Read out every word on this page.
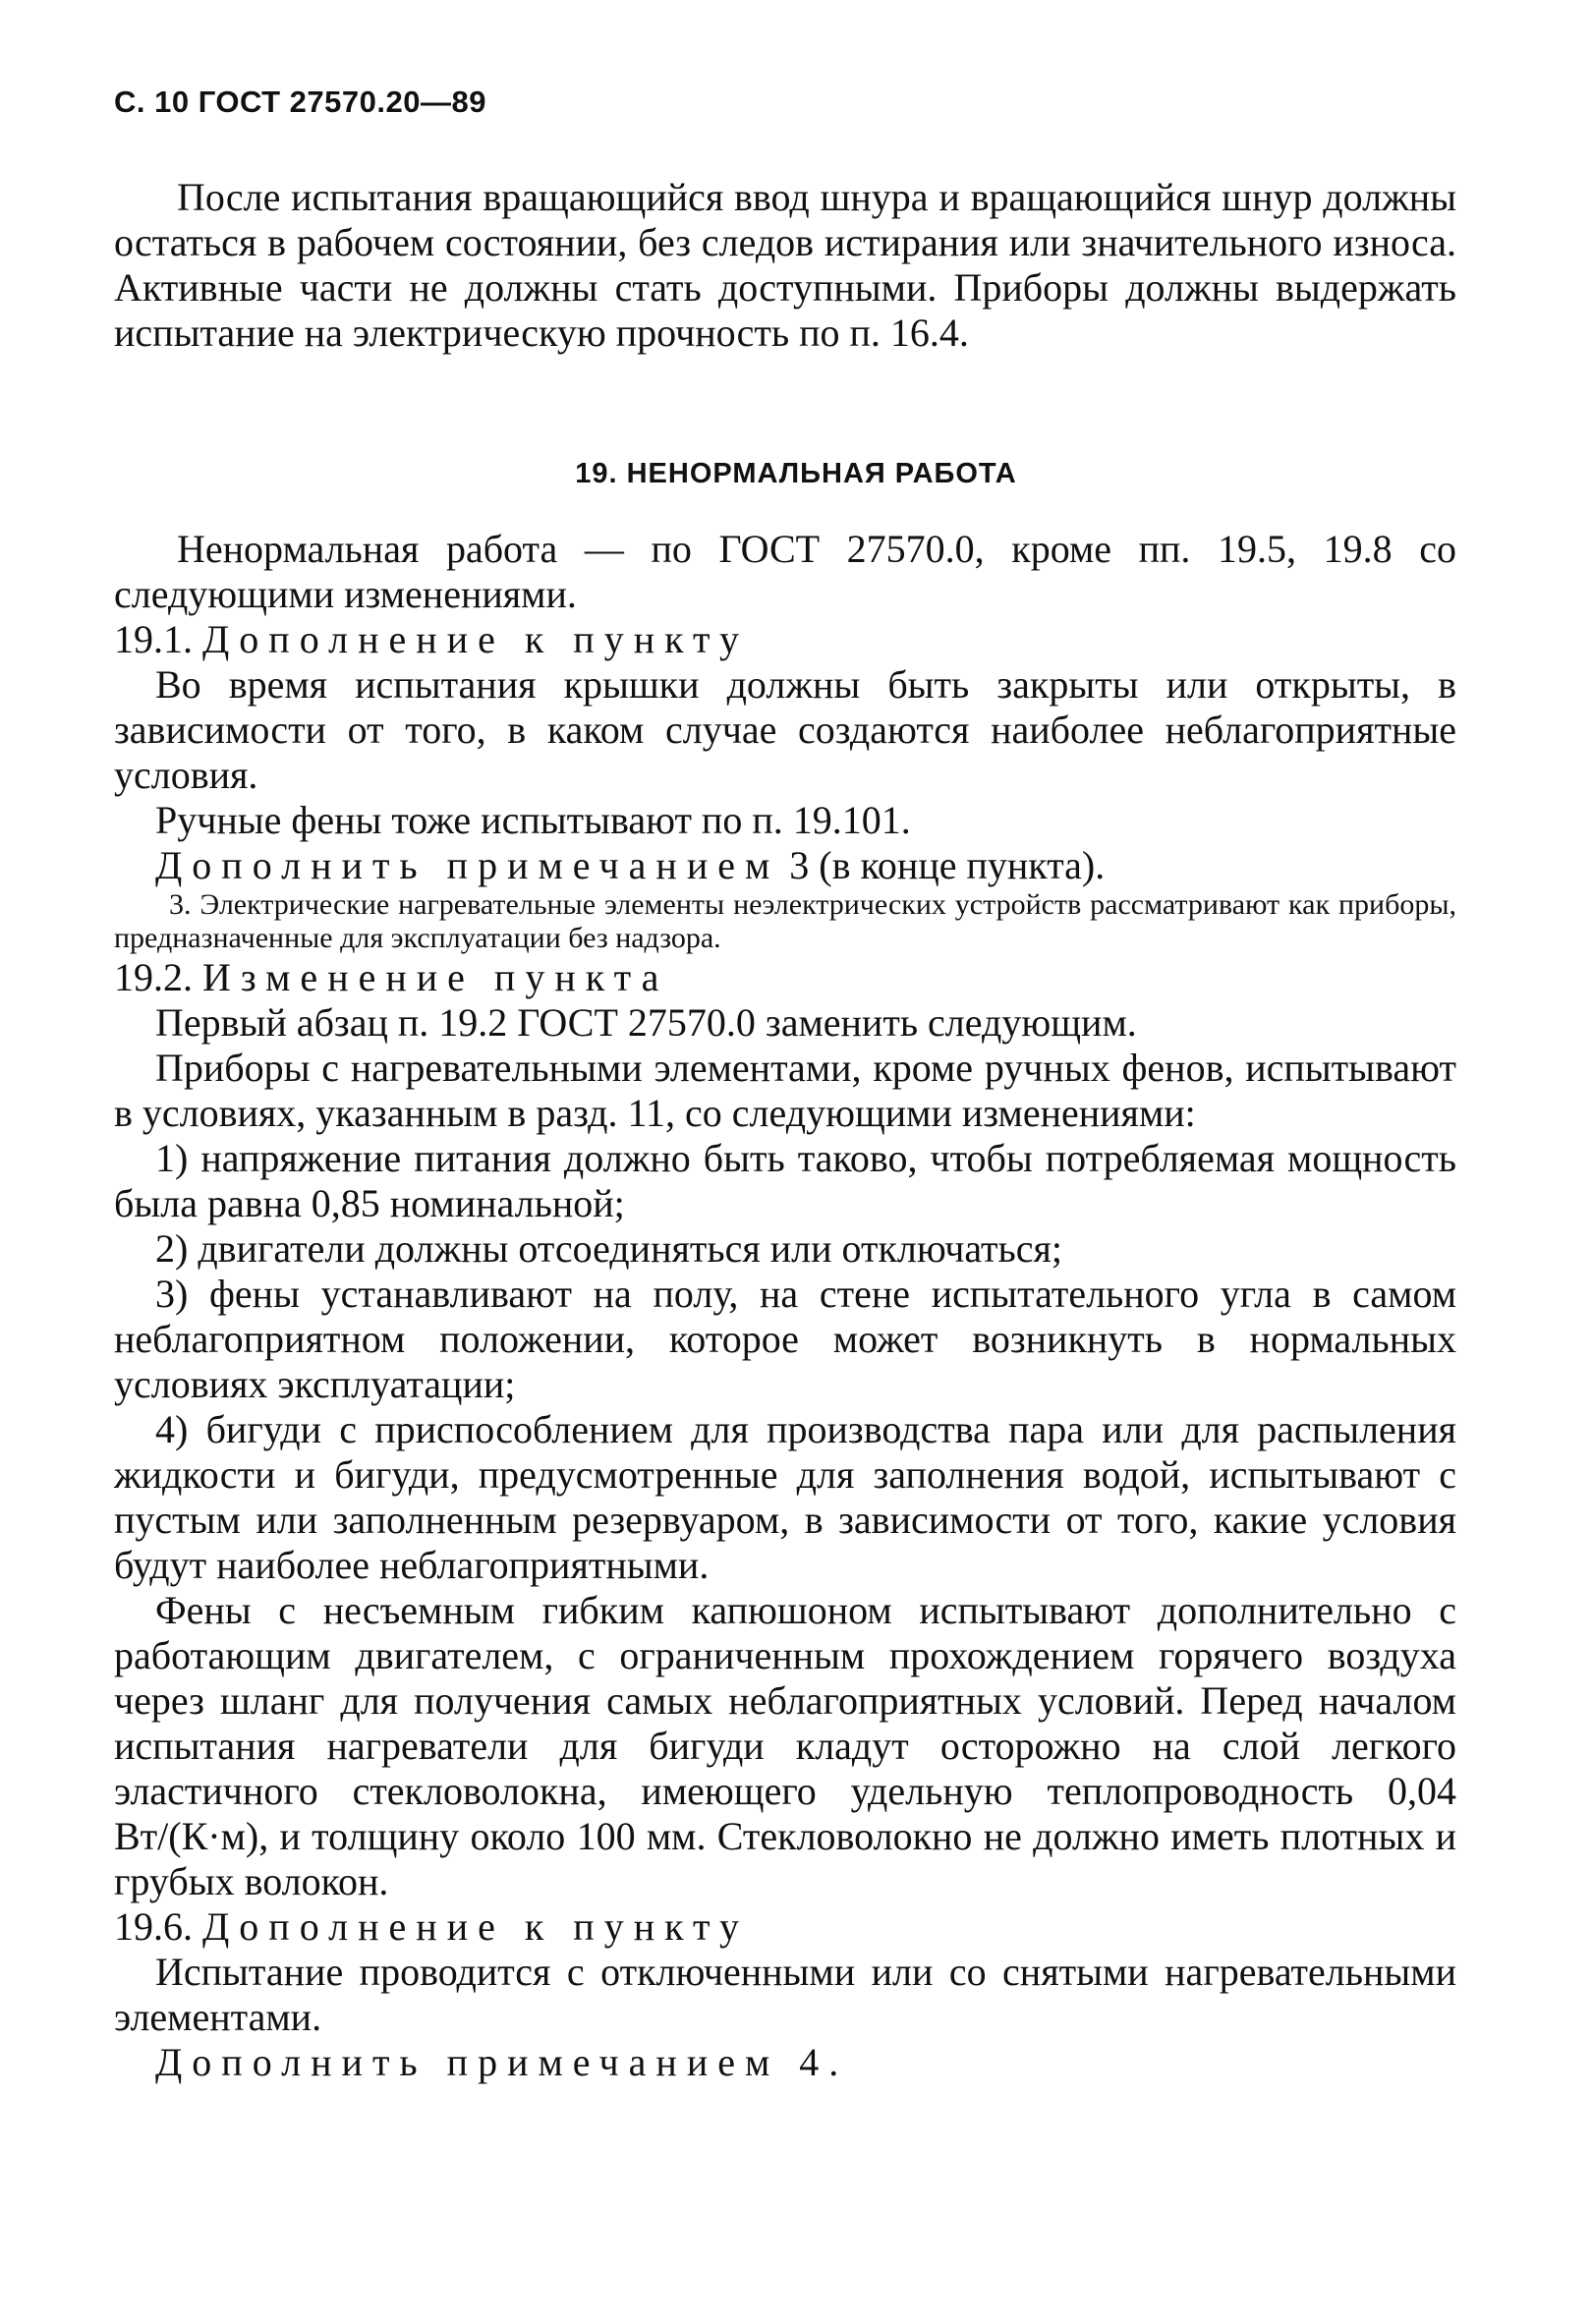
С. 10 ГОСТ 27570.20—89

После испытания вращающийся ввод шнура и вращающийся шнур должны остаться в рабочем состоянии, без следов истирания или значительного износа. Активные части не должны стать доступными. Приборы должны выдержать испытание на электрическую прочность по п. 16.4.

19. НЕНОРМАЛЬНАЯ РАБОТА

Ненормальная работа — по ГОСТ 27570.0, кроме пп. 19.5, 19.8 со следующими изменениями.

19.1. Дополнение к пункту

Во время испытания крышки должны быть закрыты или открыты, в зависимости от того, в каком случае создаются наиболее неблагоприятные условия.

Ручные фены тоже испытывают по п. 19.101.

Дополнить примечанием 3 (в конце пункта).

3. Электрические нагревательные элементы неэлектрических устройств рассматривают как приборы, предназначенные для эксплуатации без надзора.

19.2. Изменение пункта

Первый абзац п. 19.2 ГОСТ 27570.0 заменить следующим.

Приборы с нагревательными элементами, кроме ручных фенов, испытывают в условиях, указанным в разд. 11, со следующими изменениями:

1) напряжение питания должно быть таково, чтобы потребляемая мощность была равна 0,85 номинальной;

2) двигатели должны отсоединяться или отключаться;

3) фены устанавливают на полу, на стене испытательного угла в самом неблагоприятном положении, которое может возникнуть в нормальных условиях эксплуатации;

4) бигуди с приспособлением для производства пара или для распыления жидкости и бигуди, предусмотренные для заполнения водой, испытывают с пустым или заполненным резервуаром, в зависимости от того, какие условия будут наиболее неблагоприятными.

Фены с несъемным гибким капюшоном испытывают дополнительно с работающим двигателем, с ограниченным прохождением горячего воздуха через шланг для получения самых неблагоприятных условий. Перед началом испытания нагреватели для бигуди кладут осторожно на слой легкого эластичного стекловолокна, имеющего удельную теплопроводность 0,04 Вт/(К·м), и толщину около 100 мм. Стекловолокно не должно иметь плотных и грубых волокон.

19.6. Дополнение к пункту

Испытание проводится с отключенными или со снятыми нагревательными элементами.

Дополнить примечанием 4.
